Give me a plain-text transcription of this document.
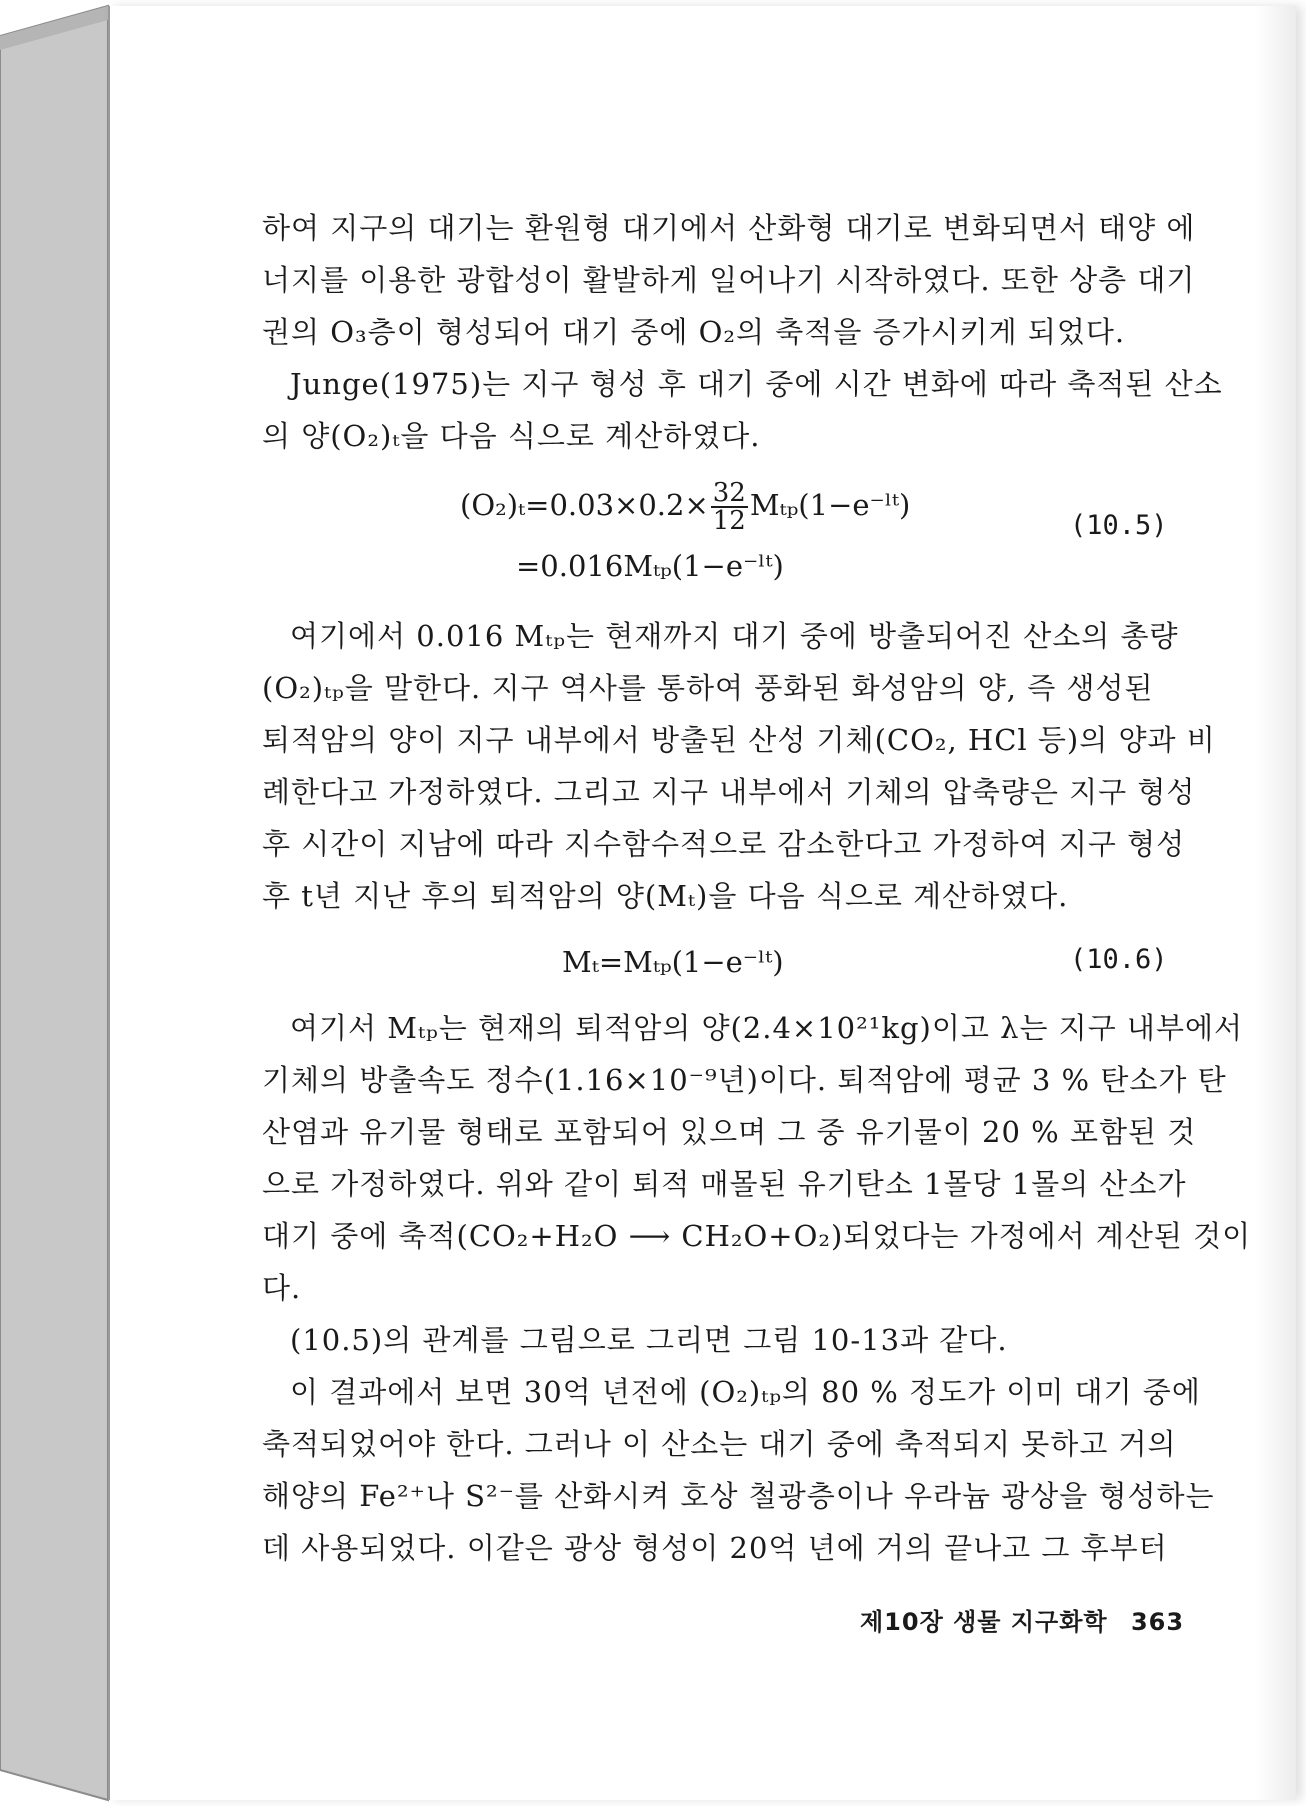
하여 지구의 대기는 환원형 대기에서 산화형 대기로 변화되면서 태양 에
너지를 이용한 광합성이 활발하게 일어나기 시작하였다. 또한 상층 대기
권의 O₃층이 형성되어 대기 중에 O₂의 축적을 증가시키게 되었다.
Junge(1975)는 지구 형성 후 대기 중에 시간 변화에 따라 축적된 산소
의 양(O₂)ₜ을 다음 식으로 계산하였다.
$(O_2)_t=0.03\times 0.2\times \frac{32}{12}$ Mₜₚ(1−e⁻ˡᵗ)
(10.5)
=0.016Mₜₚ(1−e⁻ˡᵗ)
여기에서 0.016 Mₜₚ는 현재까지 대기 중에 방출되어진 산소의 총량
(O₂)ₜₚ을 말한다. 지구 역사를 통하여 풍화된 화성암의 양, 즉 생성된
퇴적암의 양이 지구 내부에서 방출된 산성 기체(CO₂, HCl 등)의 양과 비
례한다고 가정하였다. 그리고 지구 내부에서 기체의 압축량은 지구 형성
후 시간이 지남에 따라 지수함수적으로 감소한다고 가정하여 지구 형성
후 t년 지난 후의 퇴적암의 양(Mₜ)을 다음 식으로 계산하였다.
Mₜ=Mₜₚ(1−e⁻ˡᵗ)	(10.6)
여기서 Mₜₚ는 현재의 퇴적암의 양(2.4×10²¹kg)이고 λ는 지구 내부에서
기체의 방출속도 정수(1.16×10⁻⁹년)이다. 퇴적암에 평균 3 % 탄소가 탄
산염과 유기물 형태로 포함되어 있으며 그 중 유기물이 20 % 포함된 것
으로 가정하였다. 위와 같이 퇴적 매몰된 유기탄소 1몰당 1몰의 산소가
대기 중에 축적(CO₂+H₂O ⟶ CH₂O+O₂)되었다는 가정에서 계산된 것이
다.
(10.5)의 관계를 그림으로 그리면 그림 10-13과 같다.
이 결과에서 보면 30억 년전에 (O₂)ₜₚ의 80 % 정도가 이미 대기 중에
축적되었어야 한다. 그러나 이 산소는 대기 중에 축적되지 못하고 거의
해양의 Fe²⁺나 S²⁻를 산화시켜 호상 철광층이나 우라늄 광상을 형성하는
데 사용되었다. 이같은 광상 형성이 20억 년에 거의 끝나고 그 후부터
제10장 생물 지구화학 363
